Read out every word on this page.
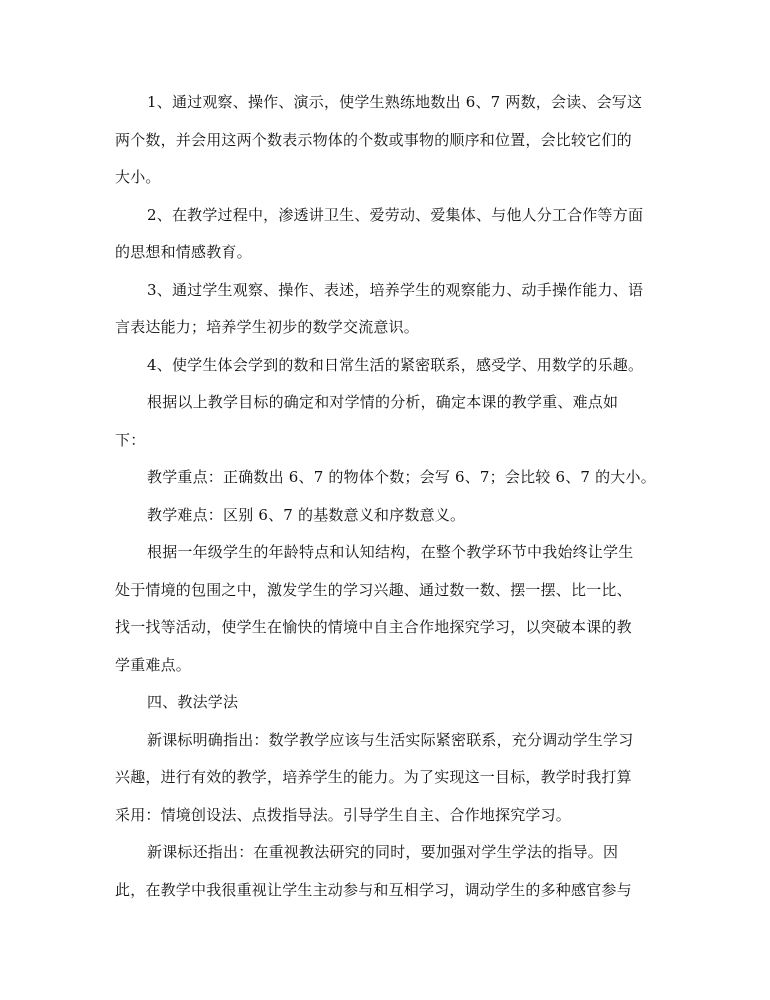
1、通过观察、操作、演示，使学生熟练地数出 6、7 两数，会读、会写这
两个数，并会用这两个数表示物体的个数或事物的顺序和位置，会比较它们的
大小。
2、在教学过程中，渗透讲卫生、爱劳动、爱集体、与他人分工合作等方面
的思想和情感教育。
3、通过学生观察、操作、表述，培养学生的观察能力、动手操作能力、语
言表达能力；培养学生初步的数学交流意识。
4、使学生体会学到的数和日常生活的紧密联系，感受学、用数学的乐趣。
根据以上教学目标的确定和对学情的分析，确定本课的教学重、难点如
下：
教学重点：正确数出 6、7 的物体个数；会写 6、7；会比较 6、7 的大小。
教学难点：区别 6、7 的基数意义和序数意义。
根据一年级学生的年龄特点和认知结构，在整个教学环节中我始终让学生
处于情境的包围之中，激发学生的学习兴趣、通过数一数、摆一摆、比一比、
找一找等活动，使学生在愉快的情境中自主合作地探究学习，以突破本课的教
学重难点。
四、教法学法
新课标明确指出：数学教学应该与生活实际紧密联系，充分调动学生学习
兴趣，进行有效的教学，培养学生的能力。为了实现这一目标，教学时我打算
采用：情境创设法、点拨指导法。引导学生自主、合作地探究学习。
新课标还指出：在重视教法研究的同时，要加强对学生学法的指导。因
此，在教学中我很重视让学生主动参与和互相学习，调动学生的多种感官参与
